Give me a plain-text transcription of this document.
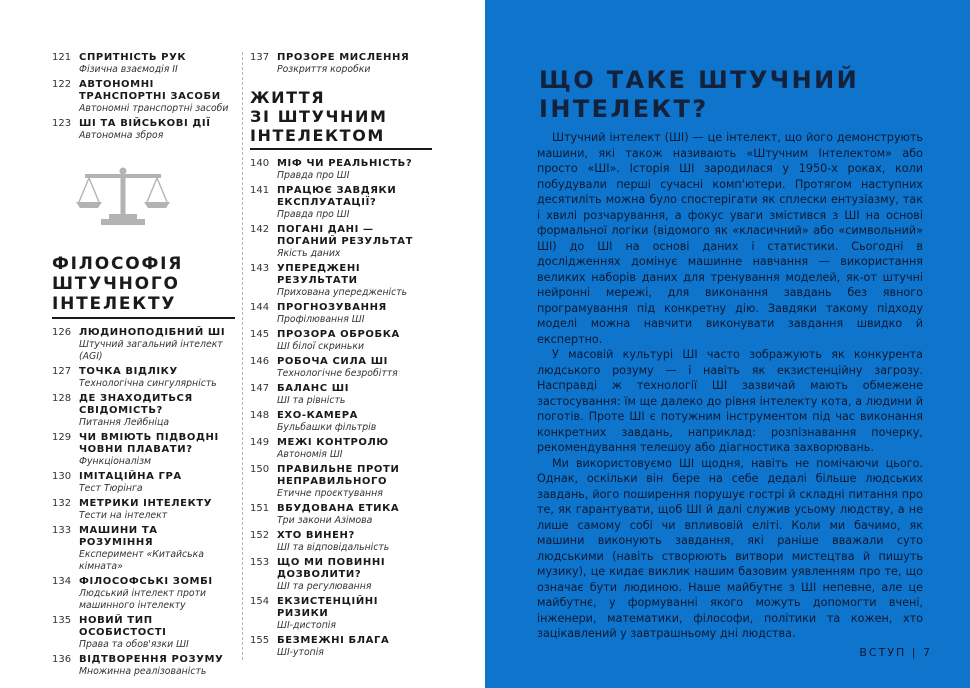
121 СПРИТНІСТЬ РУК
Фізична взаємодія ІІ
122 АВТОНОМНІ ТРАНСПОРТНІ ЗАСОБИ
Автономні транспортні засоби
123 ШІ ТА ВІЙСЬКОВІ ДІЇ
Автономна зброя
ФІЛОСОФІЯ
ШТУЧНОГО
ІНТЕЛЕКТУ
126 ЛЮДИНОПОДІБНИЙ ШІ
Штучний загальний інтелект (AGI)
127 ТОЧКА ВІДЛІКУ
Технологічна сингулярність
128 ДЕ ЗНАХОДИТЬСЯ СВІДОМІСТЬ?
Питання Лейбніца
129 ЧИ ВМІЮТЬ ПІДВОДНІ ЧОВНИ ПЛАВАТИ?
Функціоналізм
130 ІМІТАЦІЙНА ГРА
Тест Тюрінга
132 МЕТРИКИ ІНТЕЛЕКТУ
Тести на інтелект
133 МАШИНИ ТА РОЗУМІННЯ
Експеримент «Китайська кімната»
134 ФІЛОСОФСЬКІ ЗОМБІ
Людський інтелект проти машинного інтелекту
135 НОВИЙ ТИП ОСОБИСТОСТІ
Права та обов'язки ШІ
136 ВІДТВОРЕННЯ РОЗУМУ
Множинна реалізованість
137 ПРОЗОРЕ МИСЛЕННЯ
Розкриття коробки
ЖИТТЯ
ЗІ ШТУЧНИМ
ІНТЕЛЕКТОМ
140 МІФ ЧИ РЕАЛЬНІСТЬ?
Правда про ШІ
141 ПРАЦЮЄ ЗАВДЯКИ ЕКСПЛУАТАЦІЇ?
Правда про ШІ
142 ПОГАНІ ДАНІ — ПОГАНИЙ РЕЗУЛЬТАТ
Якість даних
143 УПЕРЕДЖЕНІ РЕЗУЛЬТАТИ
Прихована упередженість
144 ПРОГНОЗУВАННЯ
Профілювання ШІ
145 ПРОЗОРА ОБРОБКА
ШІ білої скриньки
146 РОБОЧА СИЛА ШІ
Технологічне безробіття
147 БАЛАНС ШІ
ШІ та рівність
148 ЕХО-КАМЕРА
Бульбашки фільтрів
149 МЕЖІ КОНТРОЛЮ
Автономія ШІ
150 ПРАВИЛЬНЕ ПРОТИ НЕПРАВИЛЬНОГО
Етичне проєктування
151 ВБУДОВАНА ЕТИКА
Три закони Азімова
152 ХТО ВИНЕН?
ШІ та відповідальність
153 ЩО МИ ПОВИННІ ДОЗВОЛИТИ?
ШІ та регулювання
154 ЕКЗИСТЕНЦІЙНІ РИЗИКИ
ШІ-дистопія
155 БЕЗМЕЖНІ БЛАГА
ШІ-утопія
ЩО ТАКЕ ШТУЧНИЙ ІНТЕЛЕКТ?

Штучний інтелект (ШІ) — це інтелект, що його демонструють машини, які також називають «Штучним Інтелектом» або просто «ШІ». Історія ШІ зародилася у 1950-х роках, коли побудували перші сучасні комп'ютери. Протягом наступних десятиліть можна було спостерігати як сплески ентузіазму, так і хвилі розчарування, а фокус уваги змістився з ШІ на основі формальної логіки (відомого як «класичний» або «символьний» ШІ) до ШІ на основі даних і статистики. Сьогодні в дослідженнях домінує машинне навчання — використання великих наборів даних для тренування моделей, як-от штучні нейронні мережі, для виконання завдань без явного програмування під конкретну дію. Завдяки такому підходу моделі можна навчити виконувати завдання швидко й експертно.

У масовій культурі ШІ часто зображують як конкурента людського розуму — і навіть як екзистенційну загрозу. Насправді ж технології ШІ зазвичай мають обмежене застосування: їм ще далеко до рівня інтелекту кота, а людини й поготів. Проте ШІ є потужним інструментом під час виконання конкретних завдань, наприклад: розпізнавання почерку, рекомендування телешоу або діагностика захворювань.

Ми використовуємо ШІ щодня, навіть не помічаючи цього. Однак, оскільки він бере на себе дедалі більше людських завдань, його поширення порушує гострі й складні питання про те, як гарантувати, щоб ШІ й далі служив усьому людству, а не лише самому собі чи впливовій еліті. Коли ми бачимо, як машини виконують завдання, які раніше вважали суто людськими (навіть створюють витвори мистецтва й пишуть музику), це кидає виклик нашим базовим уявленням про те, що означає бути людиною. Наше майбутнє з ШІ непевне, але це майбутнє, у формуванні якого можуть допомогти вчені, інженери, математики, філософи, політики та кожен, хто зацікавлений у завтрашньому дні людства.

ВСТУП | 7
